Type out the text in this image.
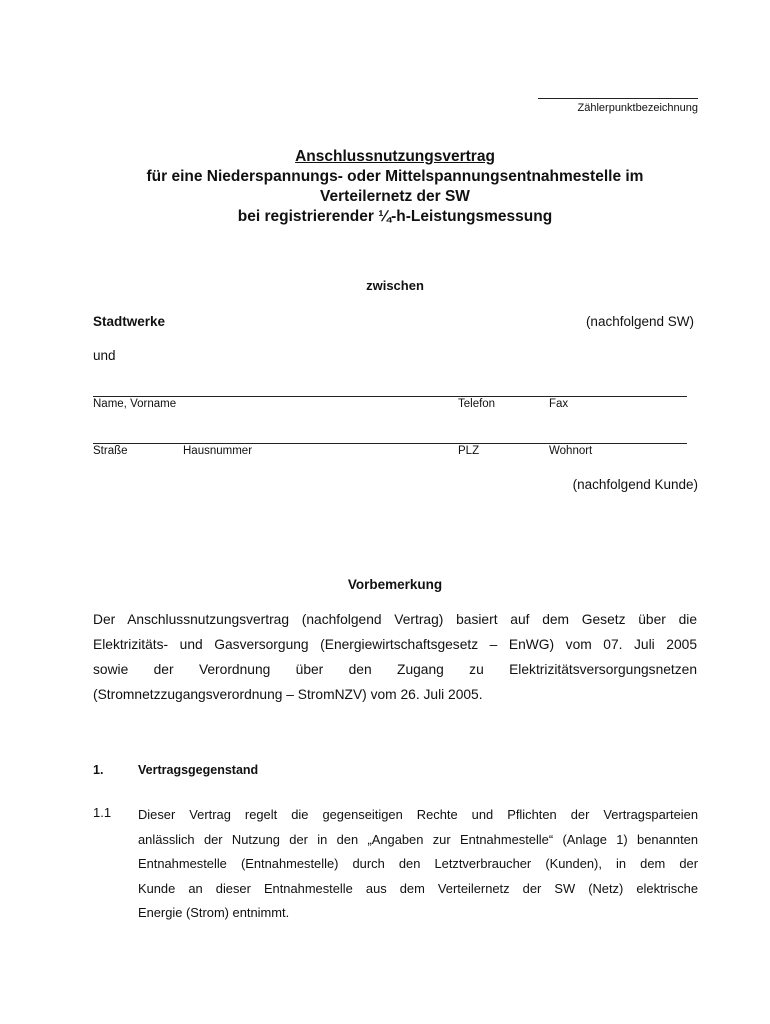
Zählerpunktbezeichnung
Anschlussnutzungsvertrag
für eine Niederspannungs- oder Mittelspannungsentnahmestelle im
Verteilernetz der SW
bei registrierender ¼-h-Leistungsmessung
zwischen
Stadtwerke	(nachfolgend SW)
und
Name, Vorname	Telefon	Fax
Straße	Hausnummer	PLZ	Wohnort
(nachfolgend Kunde)
Vorbemerkung
Der Anschlussnutzungsvertrag (nachfolgend Vertrag) basiert auf dem Gesetz über die
Elektrizitäts- und Gasversorgung (Energiewirtschaftsgesetz – EnWG) vom 07. Juli 2005
sowie der Verordnung über den Zugang zu Elektrizitätsversorgungsnetzen
(Stromnetzzugangsverordnung – StromNZV) vom 26. Juli 2005.
1.	Vertragsgegenstand
1.1 Dieser Vertrag regelt die gegenseitigen Rechte und Pflichten der Vertragsparteien
anlässlich der Nutzung der in den „Angaben zur Entnahmestelle“ (Anlage 1) benannten
Entnahmestelle (Entnahmestelle) durch den Letztverbraucher (Kunden), in dem der
Kunde an dieser Entnahmestelle aus dem Verteilernetz der SW (Netz) elektrische
Energie (Strom) entnimmt.
